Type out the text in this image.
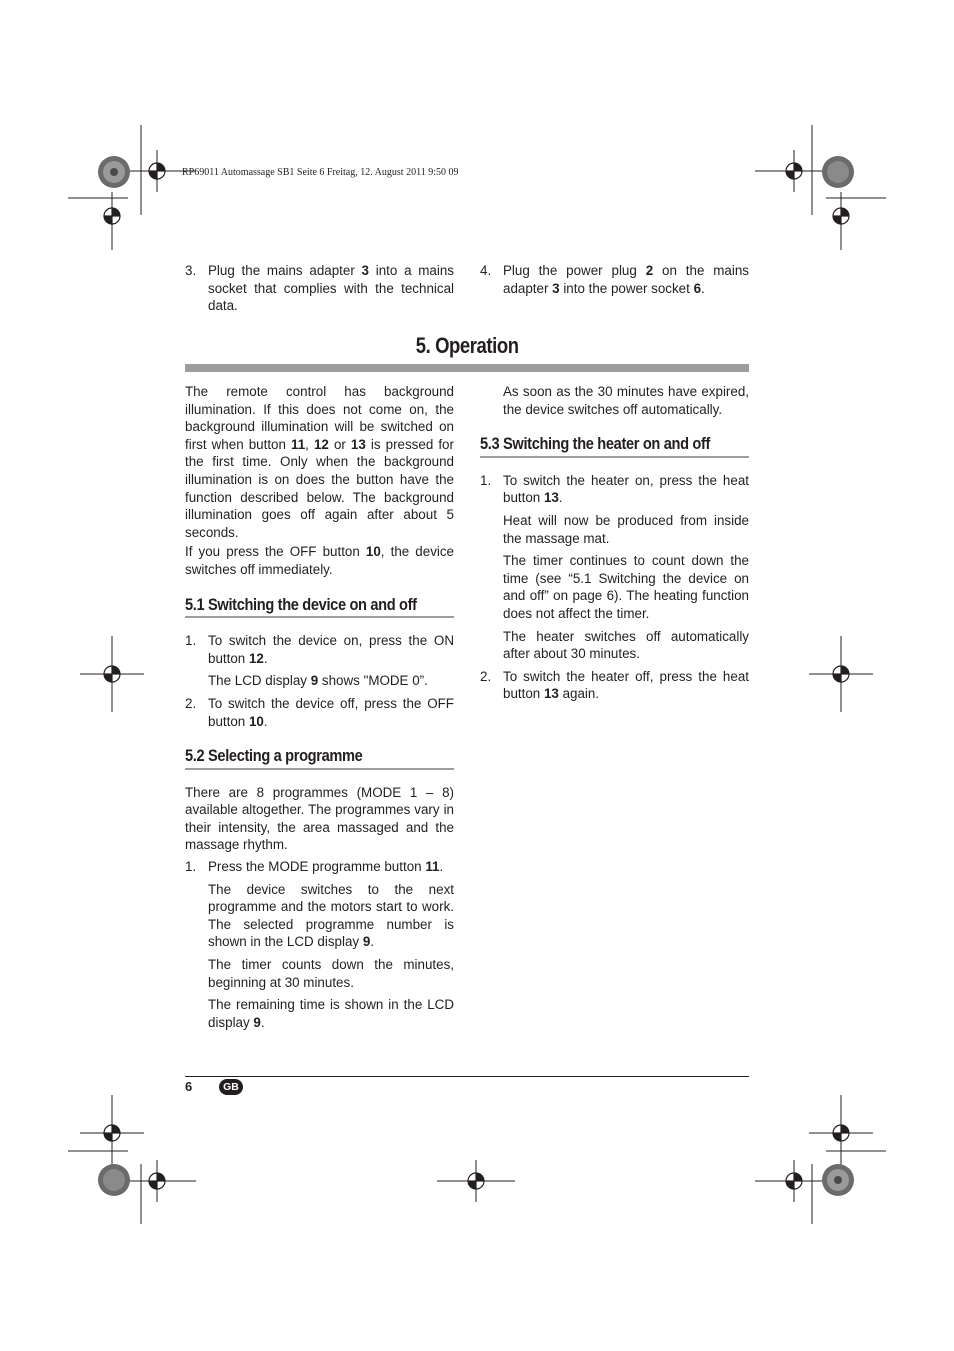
RP69011 Automassage SB1 Seite 6 Freitag, 12. August 2011 9:50 09
3. Plug the mains adapter 3 into a mains socket that complies with the technical data.
4. Plug the power plug 2 on the mains adapter 3 into the power socket 6.
5. Operation

The remote control has background illumination. If this does not come on, the background illumination will be switched on first when button 11, 12 or 13 is pressed for the first time. Only when the background illumination is on does the button have the function described below. The background illumination goes off again after about 5 seconds.

If you press the OFF button 10, the device switches off immediately.

5.1 Switching the device on and off
1. To switch the device on, press the ON button 12.
The LCD display 9 shows "MODE 0”.
2. To switch the device off, press the OFF button 10.
5.2 Selecting a programme

There are 8 programmes (MODE 1 – 8) available altogether. The programmes vary in their intensity, the area massaged and the massage rhythm.

1. Press the MODE programme button 11.
The device switches to the next programme and the motors start to work. The selected programme number is shown in the LCD display 9.
The timer counts down the minutes, beginning at 30 minutes.
The remaining time is shown in the LCD display 9.
As soon as the 30 minutes have expired, the device switches off automatically.
5.3 Switching the heater on and off
1. To switch the heater on, press the heat button 13.
Heat will now be produced from inside the massage mat.
The timer continues to count down the time (see “5.1 Switching the device on and off” on page 6). The heating function does not affect the timer.
The heater switches off automatically after about 30 minutes.
2. To switch the heater off, press the heat button 13 again.
6	GB
